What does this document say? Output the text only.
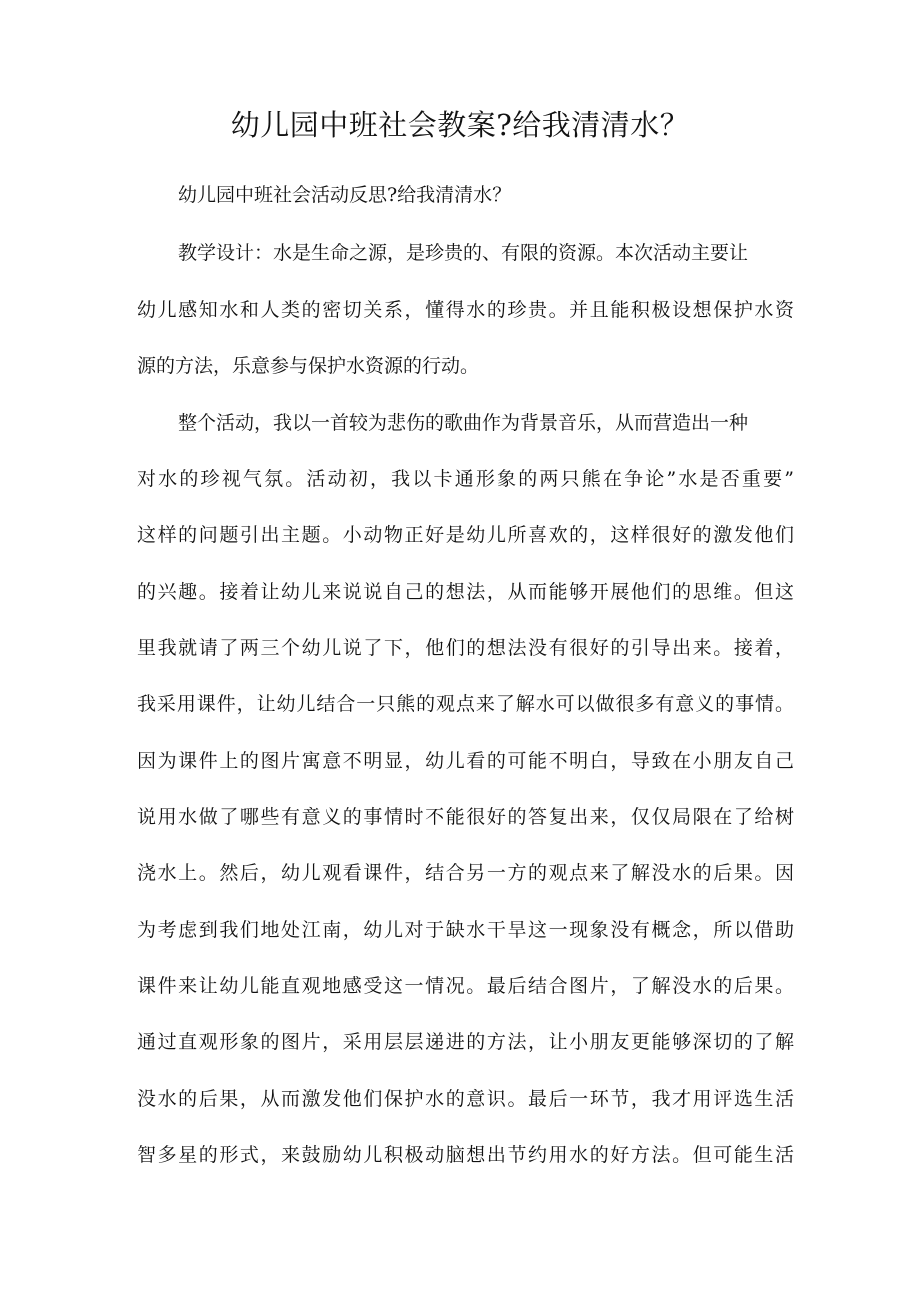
幼儿园中班社会教案?给我清清水？

幼儿园中班社会活动反思?给我清清水？

教学设计：水是生命之源，是珍贵的、有限的资源。本次活动主要让

幼儿感知水和人类的密切关系，懂得水的珍贵。并且能积极设想保护水资

源的方法，乐意参与保护水资源的行动。

整个活动，我以一首较为悲伤的歌曲作为背景音乐，从而营造出一种

对水的珍视气氛。活动初，我以卡通形象的两只熊在争论”水是否重要”

这样的问题引出主题。小动物正好是幼儿所喜欢的，这样很好的激发他们

的兴趣。接着让幼儿来说说自己的想法，从而能够开展他们的思维。但这

里我就请了两三个幼儿说了下，他们的想法没有很好的引导出来。接着，

我采用课件，让幼儿结合一只熊的观点来了解水可以做很多有意义的事情。

因为课件上的图片寓意不明显，幼儿看的可能不明白，导致在小朋友自己

说用水做了哪些有意义的事情时不能很好的答复出来，仅仅局限在了给树

浇水上。然后，幼儿观看课件，结合另一方的观点来了解没水的后果。因

为考虑到我们地处江南，幼儿对于缺水干旱这一现象没有概念，所以借助

课件来让幼儿能直观地感受这一情况。最后结合图片，了解没水的后果。

通过直观形象的图片，采用层层递进的方法，让小朋友更能够深切的了解

没水的后果，从而激发他们保护水的意识。最后一环节，我才用评选生活

智多星的形式，来鼓励幼儿积极动脑想出节约用水的好方法。但可能生活
